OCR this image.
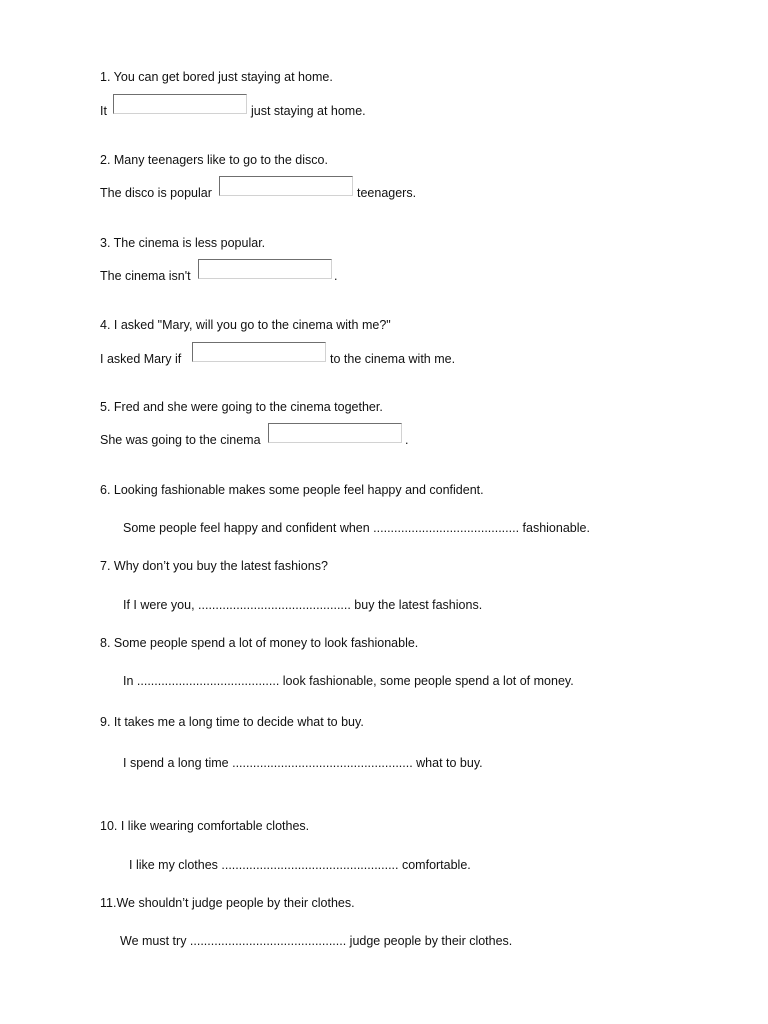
1. You can get bored just staying at home.
It	just staying at home.
2. Many teenagers like to go to the disco.
The disco is popular	teenagers.
3. The cinema is less popular.
The cinema isn't	.
4. I asked "Mary, will you go to the cinema with me?"
I asked Mary if	to the cinema with me.
5. Fred and she were going to the cinema together.
She was going to the cinema	.
6. Looking fashionable makes some people feel happy and confident.
Some people feel happy and confident when .......................................... fashionable.
7. Why don’t you buy the latest fashions?
If I were you, ............................................ buy the latest fashions.
8. Some people spend a lot of money to look fashionable.
In ......................................... look fashionable, some people spend a lot of money.
9. It takes me a long time to decide what to buy.
I spend a long time .................................................... what to buy.
10. I like wearing comfortable clothes.
I like my clothes ................................................... comfortable.
11.We shouldn’t judge people by their clothes.
We must try ............................................. judge people by their clothes.
